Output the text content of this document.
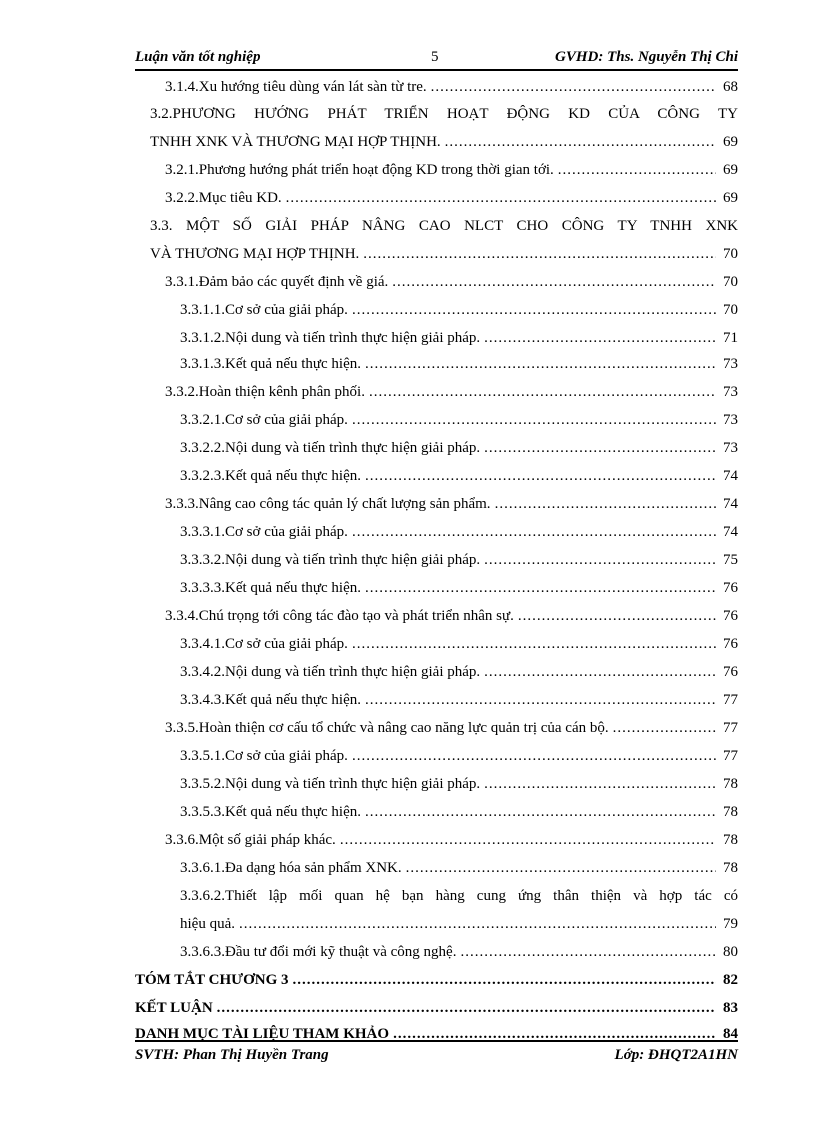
Luận văn tốt nghiệp	5	GVHD: Ths. Nguyễn Thị Chi
3.1.4.Xu hướng tiêu dùng ván lát sàn từ tre. .....	68
3.2.PHƯƠNG HƯỚNG PHÁT TRIỂN HOẠT ĐỘNG KD CỦA CÔNG TY
TNHH XNK VÀ THƯƠNG MẠI HỢP THỊNH. .....	69
3.2.1.Phương hướng phát triển hoạt động KD trong thời gian tới. .....	69
3.2.2.Mục tiêu KD. .....	69
3.3. MỘT SỐ GIẢI PHÁP NÂNG CAO NLCT CHO CÔNG TY TNHH XNK
VÀ THƯƠNG MẠI HỢP THỊNH. .....	70
3.3.1.Đảm bảo các quyết định về giá. .....	70
3.3.1.1.Cơ sở của giải pháp. .....	70
3.3.1.2.Nội dung và tiến trình thực hiện giải pháp. .....	71
3.3.1.3.Kết quả nếu thực hiện. .....	73
3.3.2.Hoàn thiện kênh phân phối. .....	73
3.3.2.1.Cơ sở của giải pháp. .....	73
3.3.2.2.Nội dung và tiến trình thực hiện giải pháp. .....	73
3.3.2.3.Kết quả nếu thực hiện. .....	74
3.3.3.Nâng cao công tác quản lý chất lượng sản phẩm. .....	74
3.3.3.1.Cơ sở của giải pháp. .....	74
3.3.3.2.Nội dung và tiến trình thực hiện giải pháp. .....	75
3.3.3.3.Kết quả nếu thực hiện. .....	76
3.3.4.Chú trọng tới công tác đào tạo và phát triển nhân sự. .....	76
3.3.4.1.Cơ sở của giải pháp. .....	76
3.3.4.2.Nội dung và tiến trình thực hiện giải pháp. .....	76
3.3.4.3.Kết quả nếu thực hiện. .....	77
3.3.5.Hoàn thiện cơ cấu tổ chức và nâng cao năng lực quản trị của cán bộ. .....	77
3.3.5.1.Cơ sở của giải pháp. .....	77
3.3.5.2.Nội dung và tiến trình thực hiện giải pháp. .....	78
3.3.5.3.Kết quả nếu thực hiện. .....	78
3.3.6.Một số giải pháp khác. .....	78
3.3.6.1.Đa dạng hóa sản phẩm XNK. .....	78
3.3.6.2.Thiết lập mối quan hệ bạn hàng cung ứng thân thiện và hợp tác có
hiệu quả. .....	79
3.3.6.3.Đầu tư đổi mới kỹ thuật và công nghệ. .....	80
TÓM TẮT CHƯƠNG 3 .....	82
KẾT LUẬN .....	83
DANH MỤC TÀI LIỆU THAM KHẢO .....	84
SVTH: Phan Thị Huyền Trang	Lớp: ĐHQT2A1HN
